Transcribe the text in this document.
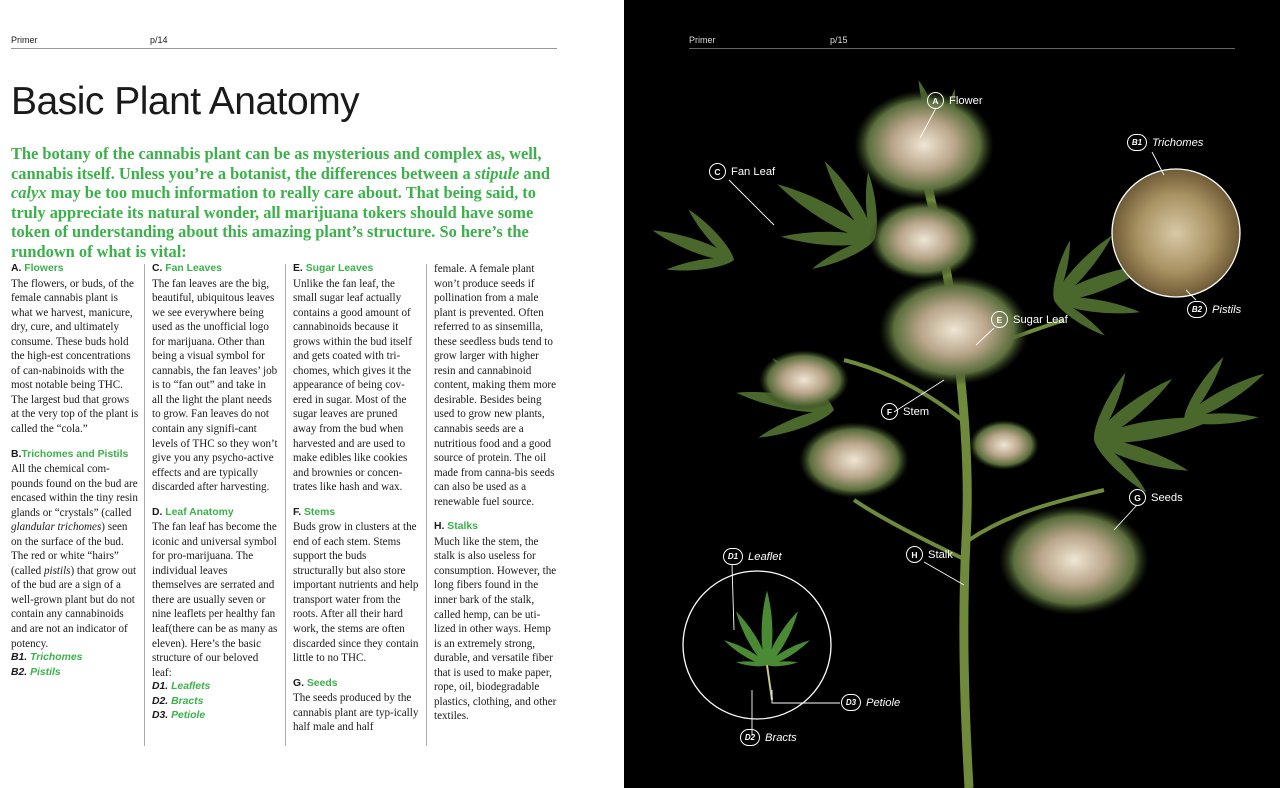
Primer	p/14
Basic Plant Anatomy

The botany of the cannabis plant can be as mysterious and complex as, well, cannabis itself. Unless you’re a botanist, the differences between a stipule and calyx may be too much information to really care about. That being said, to truly appreciate its natural wonder, all marijuana tokers should have some token of understanding about this amazing plant’s structure. So here’s the rundown of what is vital:

A. Flowers
The flowers, or buds, of the female cannabis plant is what we harvest, manicure, dry, cure, and ultimately consume. These buds hold the high-est concentrations of can-nabinoids with the most notable being THC. The largest bud that grows at the very top of the plant is called the “cola.”
B.Trichomes and Pistils
All the chemical com-pounds found on the bud are encased within the tiny resin glands or “crystals” (called glandular trichomes) seen on the surface of the bud. The red or white “hairs” (called pistils) that grow out of the bud are a sign of a well-grown plant but do not contain any cannabinoids and are not an indicator of potency.
B1. Trichomes
B2. Pistils
C. Fan Leaves
The fan leaves are the big, beautiful, ubiquitous leaves we see everywhere being used as the unofficial logo for marijuana. Other than being a visual symbol for cannabis, the fan leaves’ job is to “fan out” and take in all the light the plant needs to grow. Fan leaves do not contain any signifi-cant levels of THC so they won’t give you any psycho-active effects and are typically discarded after harvesting.
D. Leaf Anatomy
The fan leaf has become the iconic and universal symbol for pro-marijuana. The individual leaves themselves are serrated and there are usually seven or nine leaflets per healthy fan leaf(there can be as many as eleven). Here’s the basic structure of our beloved leaf:
D1. Leaflets
D2. Bracts
D3. Petiole
E. Sugar Leaves
Unlike the fan leaf, the small sugar leaf actually contains a good amount of cannabinoids because it grows within the bud itself and gets coated with tri-chomes, which gives it the appearance of being cov-ered in sugar. Most of the sugar leaves are pruned away from the bud when harvested and are used to make edibles like cookies and brownies or concen-trates like hash and wax.
F. Stems
Buds grow in clusters at the end of each stem. Stems support the buds structurally but also store important nutrients and help transport water from the roots. After all their hard work, the stems are often discarded since they contain little to no THC.
G. Seeds
The seeds produced by the cannabis plant are typ-ically half male and half
female. A female plant won’t produce seeds if pollination from a male plant is prevented. Often referred to as sinsemilla, these seedless buds tend to grow larger with higher resin and cannabinoid content, making them more desirable. Besides being used to grow new plants, cannabis seeds are a nutritious food and a good source of protein. The oil made from canna-bis seeds can also be used as a renewable fuel source.
H. Stalks
Much like the stem, the stalk is also useless for consumption. However, the long fibers found in the inner bark of the stalk, called hemp, can be uti-lized in other ways. Hemp is an extremely strong, durable, and versatile fiber that is used to make paper, rope, oil, biodegradable plastics, clothing, and other textiles.
Primer	p/15
A Flower
B1 Trichomes
C Fan Leaf
B2 Pistils
E Sugar Leaf
F Stem
G Seeds
H Stalk
D1 Leaflet
D3 Petiole
D2 Bracts
